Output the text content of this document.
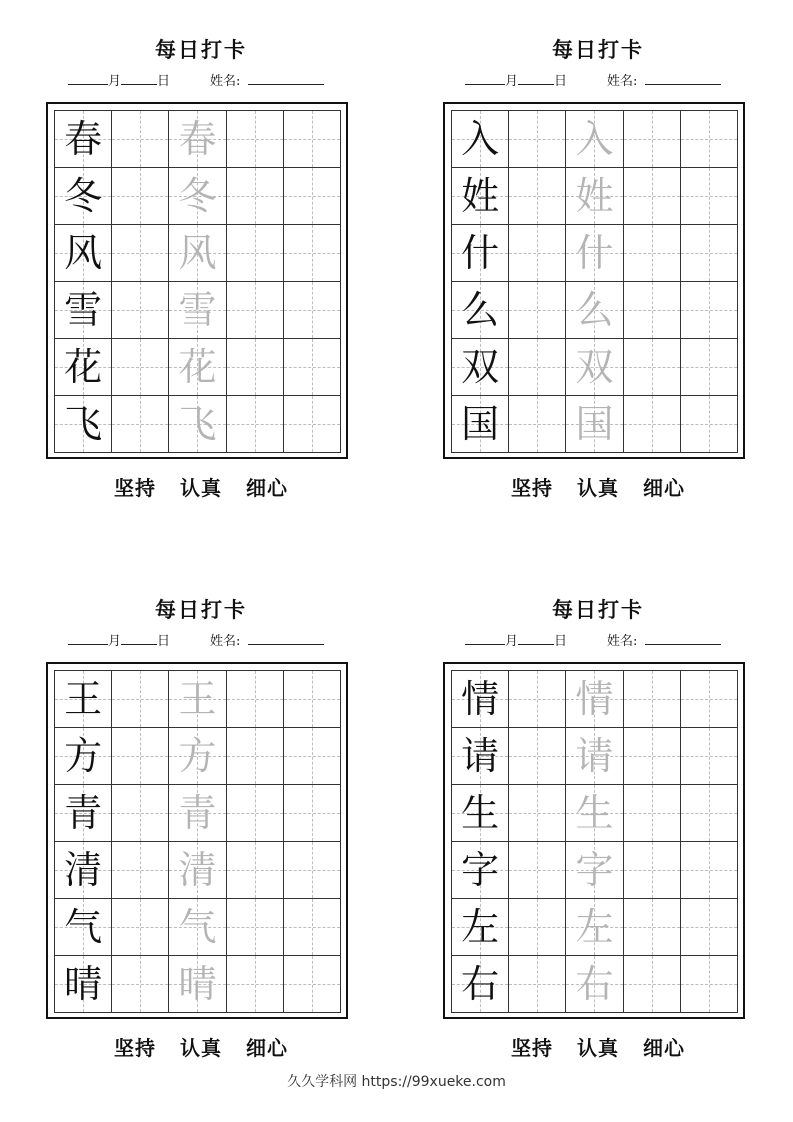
每日打卡
月	日	姓名:
春 春
冬 冬
风 风
雪 雪
花 花
飞 飞
坚持 认真 细心
每日打卡
月	日	姓名:
入 入
姓 姓
什 什
么 么
双 双
国 国
坚持 认真 细心
每日打卡
月	日	姓名:
王 王
方 方
青 青
清 清
气 气
晴 晴
坚持 认真 细心
每日打卡
月	日	姓名:
情 情
请 请
生 生
字 字
左 左
右 右
坚持 认真 细心
久久学科网 https://99xueke.com
